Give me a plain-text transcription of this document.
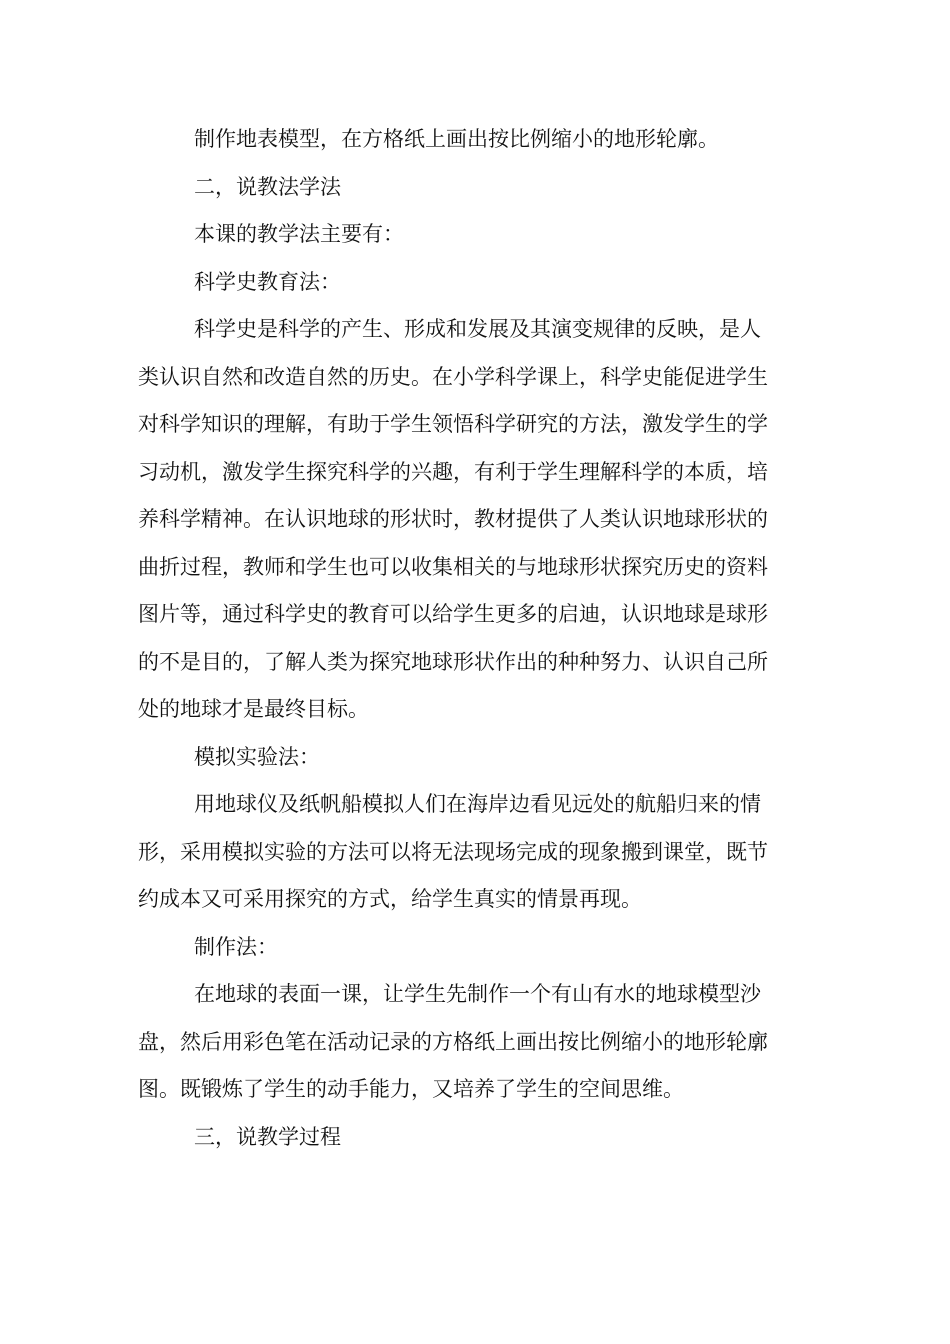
制作地表模型，在方格纸上画出按比例缩小的地形轮廓。
二，说教法学法
本课的教学法主要有：
科学史教育法：
科学史是科学的产生、形成和发展及其演变规律的反映，是人
类认识自然和改造自然的历史。在小学科学课上，科学史能促进学生
对科学知识的理解，有助于学生领悟科学研究的方法，激发学生的学
习动机，激发学生探究科学的兴趣，有利于学生理解科学的本质，培
养科学精神。在认识地球的形状时，教材提供了人类认识地球形状的
曲折过程，教师和学生也可以收集相关的与地球形状探究历史的资料
图片等，通过科学史的教育可以给学生更多的启迪，认识地球是球形
的不是目的，了解人类为探究地球形状作出的种种努力、认识自己所
处的地球才是最终目标。
模拟实验法：
用地球仪及纸帆船模拟人们在海岸边看见远处的航船归来的情
形，采用模拟实验的方法可以将无法现场完成的现象搬到课堂，既节
约成本又可采用探究的方式，给学生真实的情景再现。
制作法：
在地球的表面一课，让学生先制作一个有山有水的地球模型沙
盘，然后用彩色笔在活动记录的方格纸上画出按比例缩小的地形轮廓
图。既锻炼了学生的动手能力，又培养了学生的空间思维。
三，说教学过程
